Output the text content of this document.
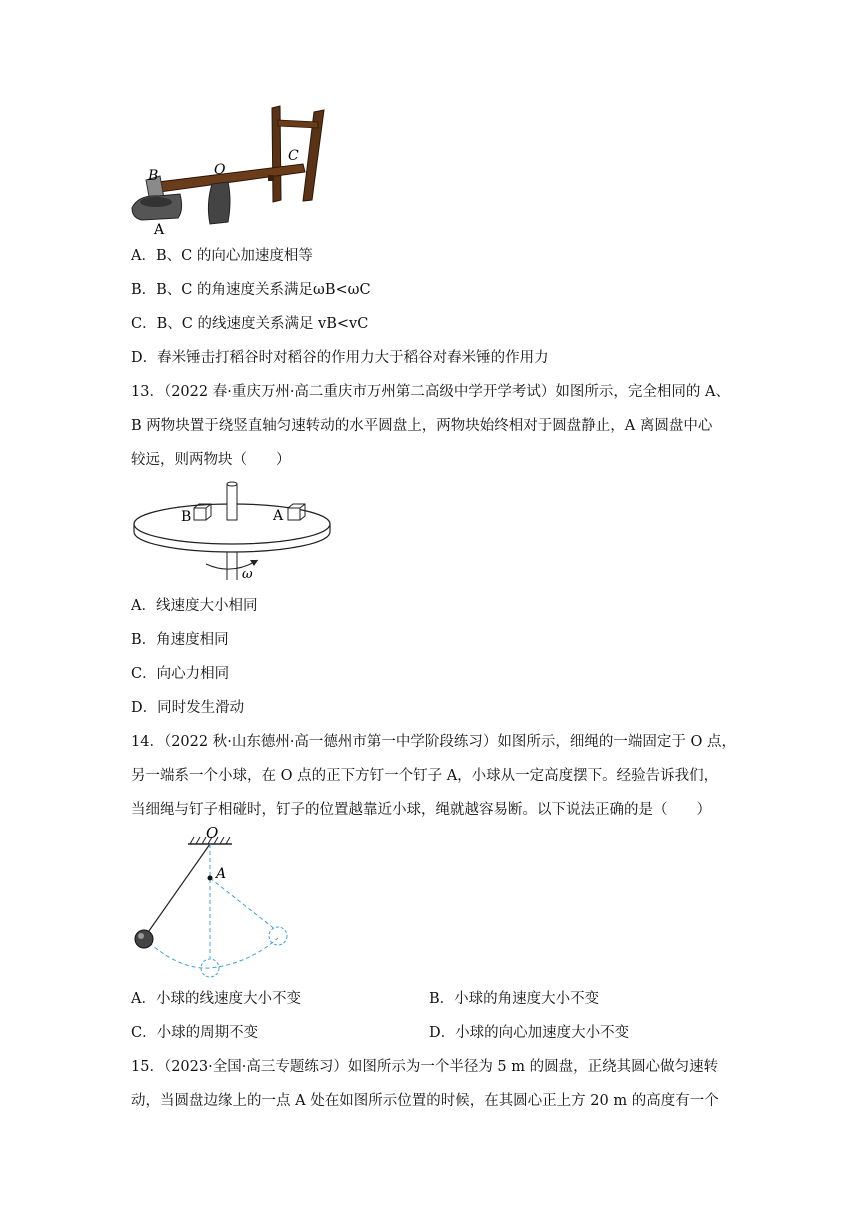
B	O
C
A
A．B、C 的向心加速度相等
B．B、C 的角速度关系满足ωB<ωC
C．B、C 的线速度关系满足 vB<vC
D．舂米锤击打稻谷时对稻谷的作用力大于稻谷对舂米锤的作用力
13．（2022 春·重庆万州·高二重庆市万州第二高级中学开学考试）如图所示，完全相同的 A、
B 两物块置于绕竖直轴匀速转动的水平圆盘上，两物块始终相对于圆盘静止，A 离圆盘中心
较远，则两物块（　　）
B	A
ω
A．线速度大小相同
B．角速度相同
C．向心力相同
D．同时发生滑动
14．（2022 秋·山东德州·高一德州市第一中学阶段练习）如图所示，细绳的一端固定于 O 点，
另一端系一个小球，在 O 点的正下方钉一个钉子 A，小球从一定高度摆下。经验告诉我们，
当细绳与钉子相碰时，钉子的位置越靠近小球，绳就越容易断。以下说法正确的是（　　）
O
A
A．小球的线速度大小不变	B．小球的角速度大小不变
C．小球的周期不变	D．小球的向心加速度大小不变
15．（2023·全国·高三专题练习）如图所示为一个半径为 5 m 的圆盘，正绕其圆心做匀速转
动，当圆盘边缘上的一点 A 处在如图所示位置的时候，在其圆心正上方 20 m 的高度有一个
